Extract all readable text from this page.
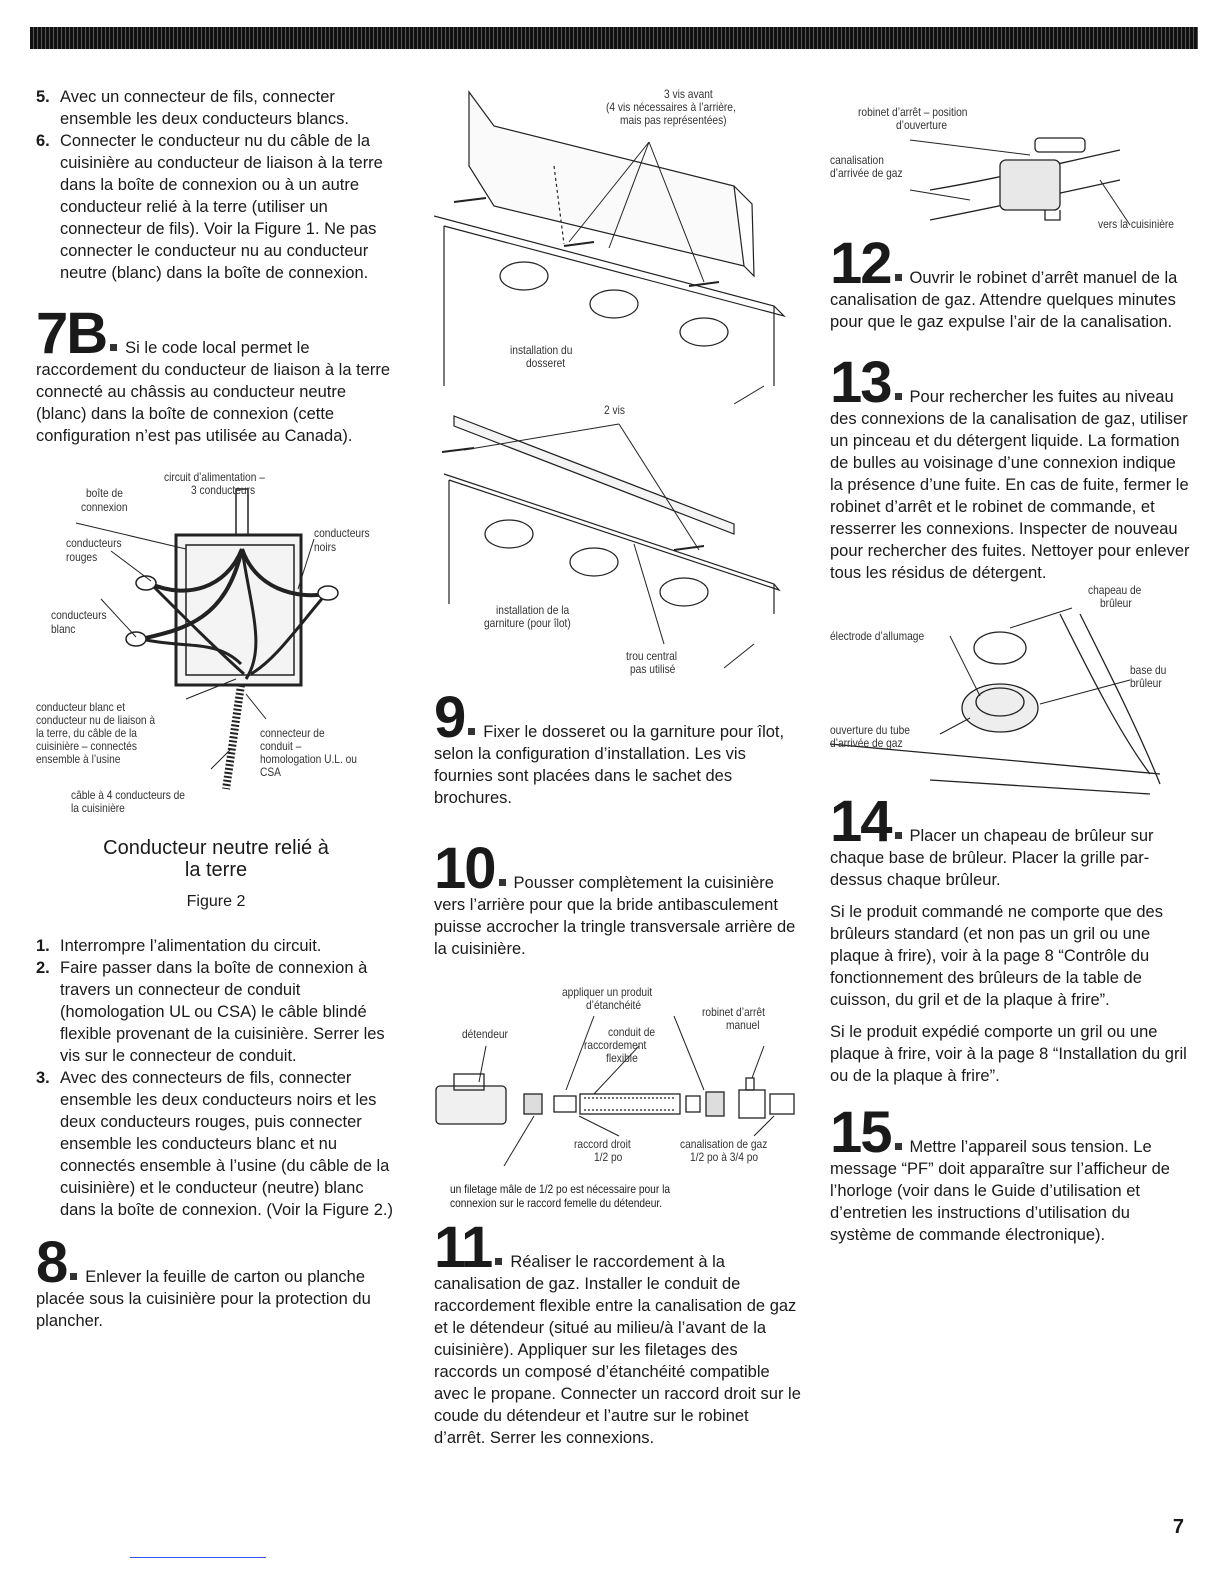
5. Avec un connecteur de fils, connecter ensemble les deux conducteurs blancs.
6. Connecter le conducteur nu du câble de la cuisinière au conducteur de liaison à la terre dans la boîte de connexion ou à un autre conducteur relié à la terre (utiliser un connecteur de fils). Voir la Figure 1. Ne pas connecter le conducteur nu au conducteur neutre (blanc) dans la boîte de connexion.

7B Si le code local permet le raccordement du conducteur de liaison à la terre connecté au châssis au conducteur neutre (blanc) dans la boîte de connexion (cette configuration n’est pas utilisée au Canada).

circuit d’alimentation –
3 conducteurs
boîte de
connexion
conducteurs
rouges
conducteurs
noirs
conducteurs
blanc
conducteur blanc et
conducteur nu de liaison à
la terre, du câble de la
cuisinière – connectés
ensemble à l’usine
connecteur de
conduit –
homologation U.L. ou
CSA
câble à 4 conducteurs de
la cuisinière
Conducteur neutre relié à
la terre
Figure 2
1. Interrompre l’alimentation du circuit.
2. Faire passer dans la boîte de connexion à travers un connecteur de conduit (homologation UL ou CSA) le câble blindé flexible provenant de la cuisinière. Serrer les vis sur le connecteur de conduit.
3. Avec des connecteurs de fils, connecter ensemble les deux conducteurs noirs et les deux conducteurs rouges, puis connecter ensemble les conducteurs blanc et nu connectés ensemble à l’usine (du câble de la cuisinière) et le conducteur (neutre) blanc dans la boîte de connexion. (Voir la Figure 2.)

8 Enlever la feuille de carton ou planche placée sous la cuisinière pour la protection du plancher.

3 vis avant
(4 vis nécessaires à l’arrière,
mais pas représentées)
installation du
dosseret
2 vis
installation de la
garniture (pour îlot)
trou central
pas utilisé

9 Fixer le dosseret ou la garniture pour îlot, selon la configuration d’installation. Les vis fournies sont placées dans le sachet des brochures.

10 Pousser complètement la cuisinière vers l’arrière pour que la bride antibasculement puisse accrocher la tringle transversale arrière de la cuisinière.

appliquer un produit
d’étanchéité	robinet d’arrêt
manuel
détendeur	conduit de
raccordement
flexible
raccord droit
1/2 po
canalisation de gaz
1/2 po à 3/4 po
un filetage mâle de 1/2 po est nécessaire pour la
connexion sur le raccord femelle du détendeur.

11 Réaliser le raccordement à la canalisation de gaz. Installer le conduit de raccordement flexible entre la canalisation de gaz et le détendeur (situé au milieu/à l’avant de la cuisinière). Appliquer sur les filetages des raccords un composé d’étanchéité compatible avec le propane. Connecter un raccord droit sur le coude du détendeur et l’autre sur le robinet d’arrêt. Serrer les connexions.

robinet d’arrêt – position
d’ouverture
canalisation
d’arrivée de gaz
vers la cuisinière

12 Ouvrir le robinet d’arrêt manuel de la canalisation de gaz. Attendre quelques minutes pour que le gaz expulse l’air de la canalisation.

13 Pour rechercher les fuites au niveau des connexions de la canalisation de gaz, utiliser un pinceau et du détergent liquide. La formation de bulles au voisinage d’une connexion indique la présence d’une fuite. En cas de fuite, fermer le robinet d’arrêt et le robinet de commande, et resserrer les connexions. Inspecter de nouveau pour rechercher des fuites. Nettoyer pour enlever tous les résidus de détergent.

chapeau de
brûleur
électrode d’allumage
base du
brûleur
ouverture du tube
d’arrivée de gaz

14 Placer un chapeau de brûleur sur chaque base de brûleur. Placer la grille par-dessus chaque brûleur.

Si le produit commandé ne comporte que des brûleurs standard (et non pas un gril ou une plaque à frire), voir à la page 8 “Contrôle du fonctionnement des brûleurs de la table de cuisson, du gril et de la plaque à frire”.

Si le produit expédié comporte un gril ou une plaque à frire, voir à la page 8 “Installation du gril ou de la plaque à frire”.

15 Mettre l’appareil sous tension. Le message “PF” doit apparaître sur l’afficheur de l’horloge (voir dans le Guide d’utilisation et d’entretien les instructions d’utilisation du système de commande électronique).

7
